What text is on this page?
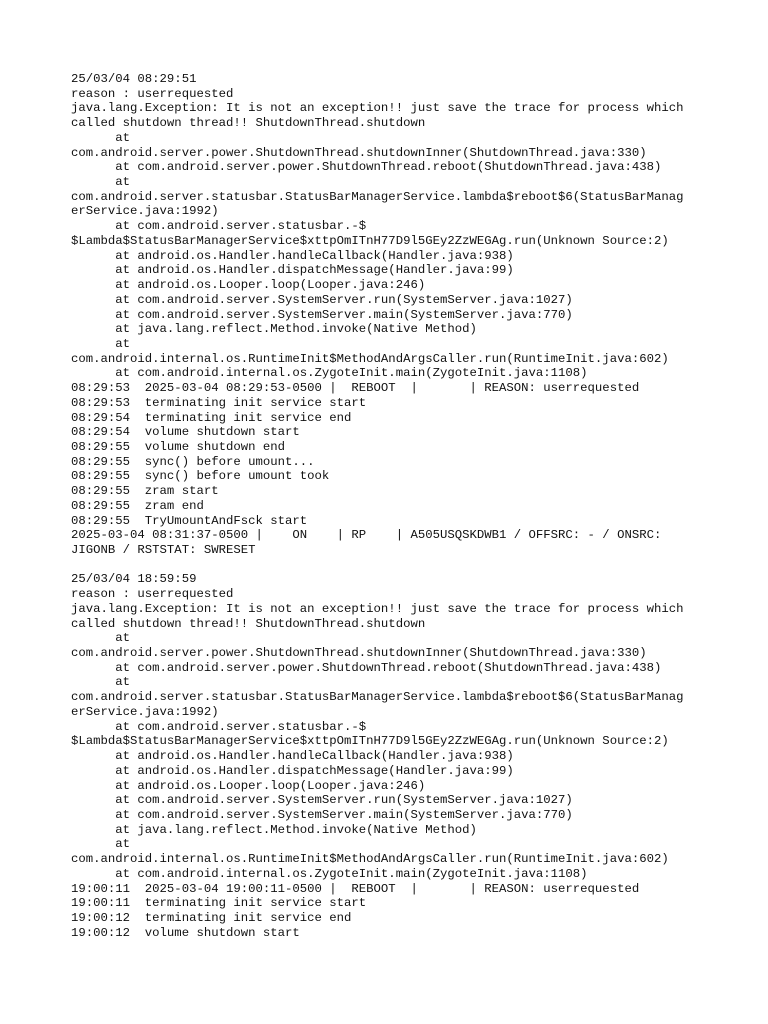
25/03/04 08:29:51
reason : userrequested
java.lang.Exception: It is not an exception!! just save the trace for process which
called shutdown thread!! ShutdownThread.shutdown
at
com.android.server.power.ShutdownThread.shutdownInner(ShutdownThread.java:330)
at com.android.server.power.ShutdownThread.reboot(ShutdownThread.java:438)
at
com.android.server.statusbar.StatusBarManagerService.lambda$reboot$6(StatusBarManag
erService.java:1992)
at com.android.server.statusbar.-$
$Lambda$StatusBarManagerService$xttpOmITnH77D9l5GEy2ZzWEGAg.run(Unknown Source:2)
at android.os.Handler.handleCallback(Handler.java:938)
at android.os.Handler.dispatchMessage(Handler.java:99)
at android.os.Looper.loop(Looper.java:246)
at com.android.server.SystemServer.run(SystemServer.java:1027)
at com.android.server.SystemServer.main(SystemServer.java:770)
at java.lang.reflect.Method.invoke(Native Method)
at
com.android.internal.os.RuntimeInit$MethodAndArgsCaller.run(RuntimeInit.java:602)
at com.android.internal.os.ZygoteInit.main(ZygoteInit.java:1108)
08:29:53  2025-03-04 08:29:53-0500 |  REBOOT  |       | REASON: userrequested
08:29:53  terminating init service start
08:29:54  terminating init service end
08:29:54  volume shutdown start
08:29:55  volume shutdown end
08:29:55  sync() before umount...
08:29:55  sync() before umount took
08:29:55  zram start
08:29:55  zram end
08:29:55  TryUmountAndFsck start
2025-03-04 08:31:37-0500 |    ON    | RP    | A505USQSKDWB1 / OFFSRC: - / ONSRC:
JIGONB / RSTSTAT: SWRESET
25/03/04 18:59:59
reason : userrequested
java.lang.Exception: It is not an exception!! just save the trace for process which
called shutdown thread!! ShutdownThread.shutdown
at
com.android.server.power.ShutdownThread.shutdownInner(ShutdownThread.java:330)
at com.android.server.power.ShutdownThread.reboot(ShutdownThread.java:438)
at
com.android.server.statusbar.StatusBarManagerService.lambda$reboot$6(StatusBarManag
erService.java:1992)
at com.android.server.statusbar.-$
$Lambda$StatusBarManagerService$xttpOmITnH77D9l5GEy2ZzWEGAg.run(Unknown Source:2)
at android.os.Handler.handleCallback(Handler.java:938)
at android.os.Handler.dispatchMessage(Handler.java:99)
at android.os.Looper.loop(Looper.java:246)
at com.android.server.SystemServer.run(SystemServer.java:1027)
at com.android.server.SystemServer.main(SystemServer.java:770)
at java.lang.reflect.Method.invoke(Native Method)
at
com.android.internal.os.RuntimeInit$MethodAndArgsCaller.run(RuntimeInit.java:602)
at com.android.internal.os.ZygoteInit.main(ZygoteInit.java:1108)
19:00:11  2025-03-04 19:00:11-0500 |  REBOOT  |       | REASON: userrequested
19:00:11  terminating init service start
19:00:12  terminating init service end
19:00:12  volume shutdown start
